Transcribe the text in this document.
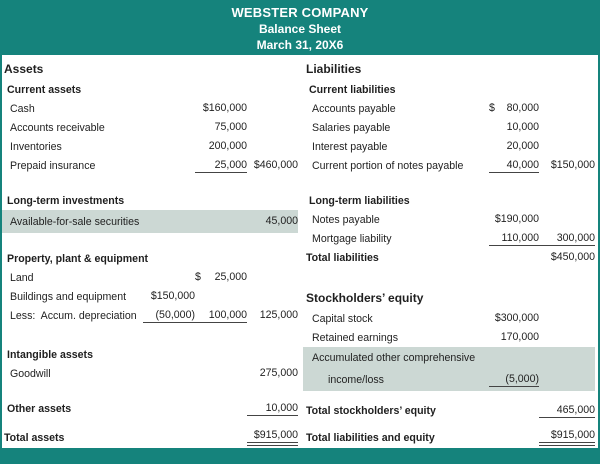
WEBSTER COMPANY
Balance Sheet
March 31, 20X6
Assets
Current assets
Cash	$160,000
Accounts receivable	75,000
Inventories	200,000
Prepaid insurance	25,000 $460,000
Long-term investments
Available-for-sale securities	45,000
Property, plant & equipment
Land	$ 25,000
Buildings and equipment	$150,000
Less:  Accum. depreciation	(50,000)	100,000	125,000
Intangible assets
Goodwill	275,000
Other assets	10,000
Total assets	$915,000
Liabilities
Current liabilities
Accounts payable	$ 80,000
Salaries payable	10,000
Interest payable	20,000
Current portion of notes payable	40,000	$150,000
Long-term liabilities
Notes payable	$190,000
Mortgage liability	110,000	300,000
Total liabilities	$450,000
Stockholders’ equity
Capital stock	$300,000
Retained earnings	170,000
Accumulated other comprehensive
income/loss	(5,000)
Total stockholders’ equity	465,000
Total liabilities and equity	$915,000
